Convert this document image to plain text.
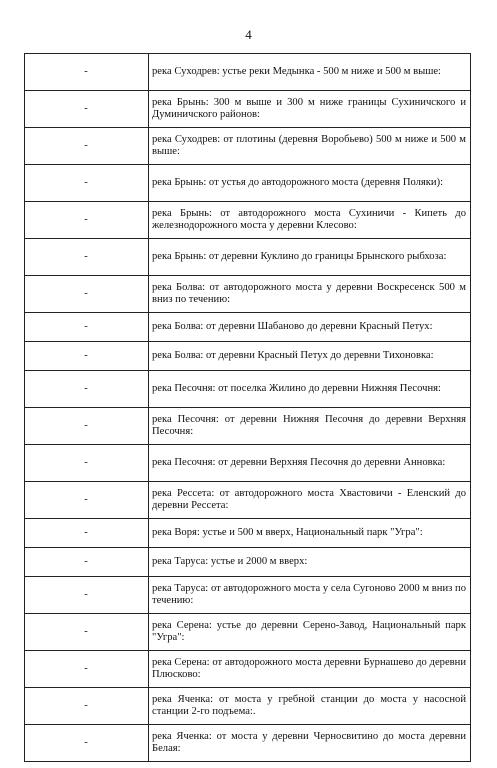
4
-	река Суходрев: устье реки Медынка - 500 м ниже и 500 м выше:
-	река Брынь: 300 м выше и 300 м ниже границы Сухиничского и Думиничского районов:
-	река Суходрев: от плотины (деревня Воробьево) 500 м ниже и 500 м выше:
-	река Брынь: от устья до автодорожного моста (деревня Поляки):
-	река Брынь: от автодорожного моста Сухиничи - Кипеть до железнодорожного моста у деревни Клесово:
-	река Брынь: от деревни Куклино до границы Брынского рыбхоза:
-	река Болва: от автодорожного моста у деревни Воскресенск 500 м вниз по течению:
-	река Болва: от деревни Шабаново до деревни Красный Петух:
-	река Болва: от деревни Красный Петух до деревни Тихоновка:
-	река Песочня: от поселка Жилино до деревни Нижняя Песочня:
-	река Песочня: от деревни Нижняя Песочня до деревни Верхняя Песочня:
-	река Песочня: от деревни Верхняя Песочня до деревни Анновка:
-	река Рессета: от автодорожного моста Хвастовичи - Еленский до деревни Рессета:
-	река Воря: устье и 500 м вверх, Национальный парк "Угра":
-	река Таруса: устье и 2000 м вверх:
-	река Таруса: от автодорожного моста у села Сугоново 2000 м вниз по течению:
-	река Серена: устье до деревни Серено-Завод, Национальный парк "Угра":
-	река Серена: от автодорожного моста деревни Бурнашево до деревни Плюсково:
-	река Яченка: от моста у гребной станции до моста у насосной станции 2-го подъема:.
-	река Яченка: от моста у деревни Черносвитино до моста деревни Белая:
